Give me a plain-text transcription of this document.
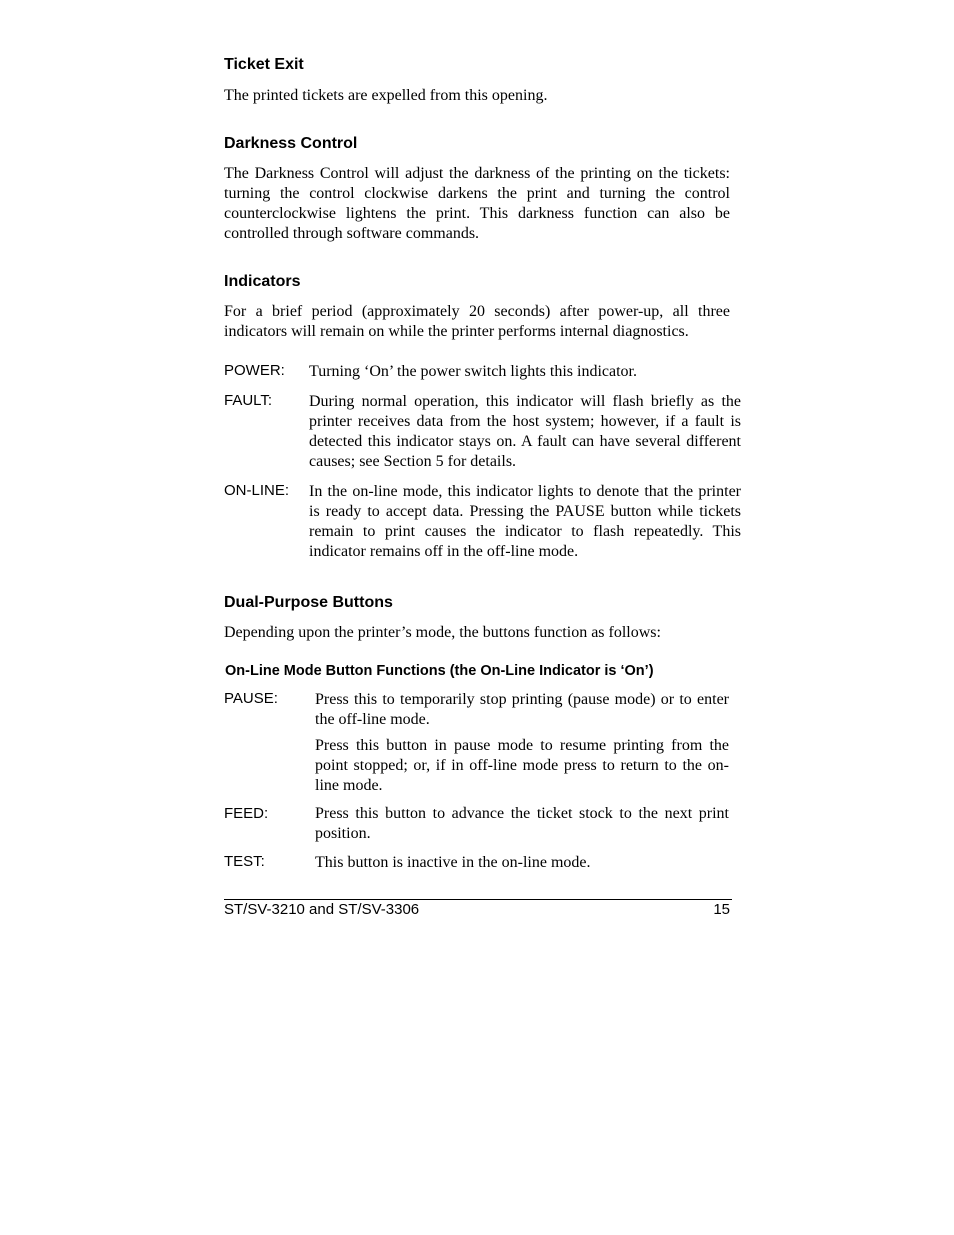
Ticket Exit
The printed tickets are expelled from this opening.
Darkness Control
The Darkness Control will adjust the darkness of the printing on the tickets: turning the control clockwise darkens the print and turning the control counterclockwise lightens the print. This darkness function can also be controlled through software commands.
Indicators
For a brief period (approximately 20 seconds) after power-up, all three indicators will remain on while the printer performs internal diagnostics.
POWER: Turning ‘On’ the power switch lights this indicator.
FAULT: During normal operation, this indicator will flash briefly as the printer receives data from the host system; however, if a fault is detected this indicator stays on. A fault can have several different causes; see Section 5 for details.
ON-LINE: In the on-line mode, this indicator lights to denote that the printer is ready to accept data. Pressing the PAUSE button while tickets remain to print causes the indicator to flash repeatedly. This indicator remains off in the off-line mode.
Dual-Purpose Buttons
Depending upon the printer’s mode, the buttons function as follows:
On-Line Mode Button Functions (the On-Line Indicator is ‘On’)
PAUSE: Press this to temporarily stop printing (pause mode) or to enter the off-line mode.
Press this button in pause mode to resume printing from the point stopped; or, if in off-line mode press to return to the on-line mode.
FEED:	Press this button to advance the ticket stock to the next print position.
TEST:	This button is inactive in the on-line mode.
ST/SV-3210 and ST/SV-3306	15
